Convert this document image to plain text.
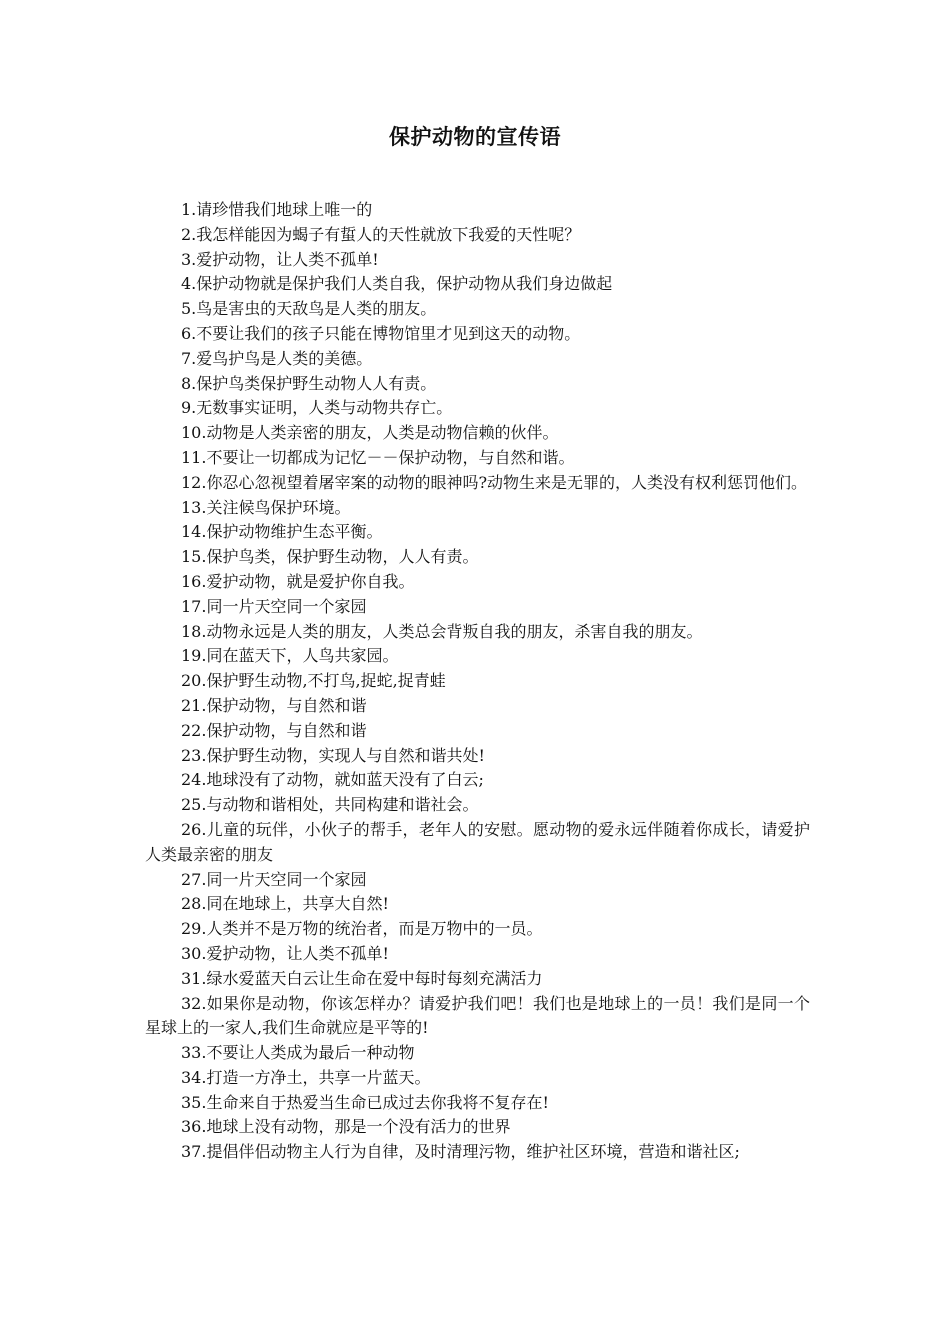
保护动物的宣传语
1.请珍惜我们地球上唯一的
2.我怎样能因为蝎子有蜇人的天性就放下我爱的天性呢？
3.爱护动物，让人类不孤单!
4.保护动物就是保护我们人类自我，保护动物从我们身边做起
5.鸟是害虫的天敌鸟是人类的朋友。
6.不要让我们的孩子只能在博物馆里才见到这天的动物。
7.爱鸟护鸟是人类的美德。
8.保护鸟类保护野生动物人人有责。
9.无数事实证明，人类与动物共存亡。
10.动物是人类亲密的朋友，人类是动物信赖的伙伴。
11.不要让一切都成为记忆－－保护动物，与自然和谐。
12.你忍心忽视望着屠宰案的动物的眼神吗?动物生来是无罪的，人类没有权利惩罚他们。
13.关注候鸟保护环境。
14.保护动物维护生态平衡。
15.保护鸟类，保护野生动物，人人有责。
16.爱护动物，就是爱护你自我。
17.同一片天空同一个家园
18.动物永远是人类的朋友，人类总会背叛自我的朋友，杀害自我的朋友。
19.同在蓝天下，人鸟共家园。
20.保护野生动物,不打鸟,捉蛇,捉青蛙
21.保护动物，与自然和谐
22.保护动物，与自然和谐
23.保护野生动物，实现人与自然和谐共处!
24.地球没有了动物，就如蓝天没有了白云;
25.与动物和谐相处，共同构建和谐社会。
26.儿童的玩伴，小伙子的帮手，老年人的安慰。愿动物的爱永远伴随着你成长，请爱护人类最亲密的朋友
27.同一片天空同一个家园
28.同在地球上，共享大自然!
29.人类并不是万物的统治者，而是万物中的一员。
30.爱护动物，让人类不孤单!
31.绿水爱蓝天白云让生命在爱中每时每刻充满活力
32.如果你是动物，你该怎样办？请爱护我们吧！我们也是地球上的一员！我们是同一个星球上的一家人,我们生命就应是平等的!
33.不要让人类成为最后一种动物
34.打造一方净土，共享一片蓝天。
35.生命来自于热爱当生命已成过去你我将不复存在!
36.地球上没有动物，那是一个没有活力的世界
37.提倡伴侣动物主人行为自律，及时清理污物，维护社区环境，营造和谐社区;
